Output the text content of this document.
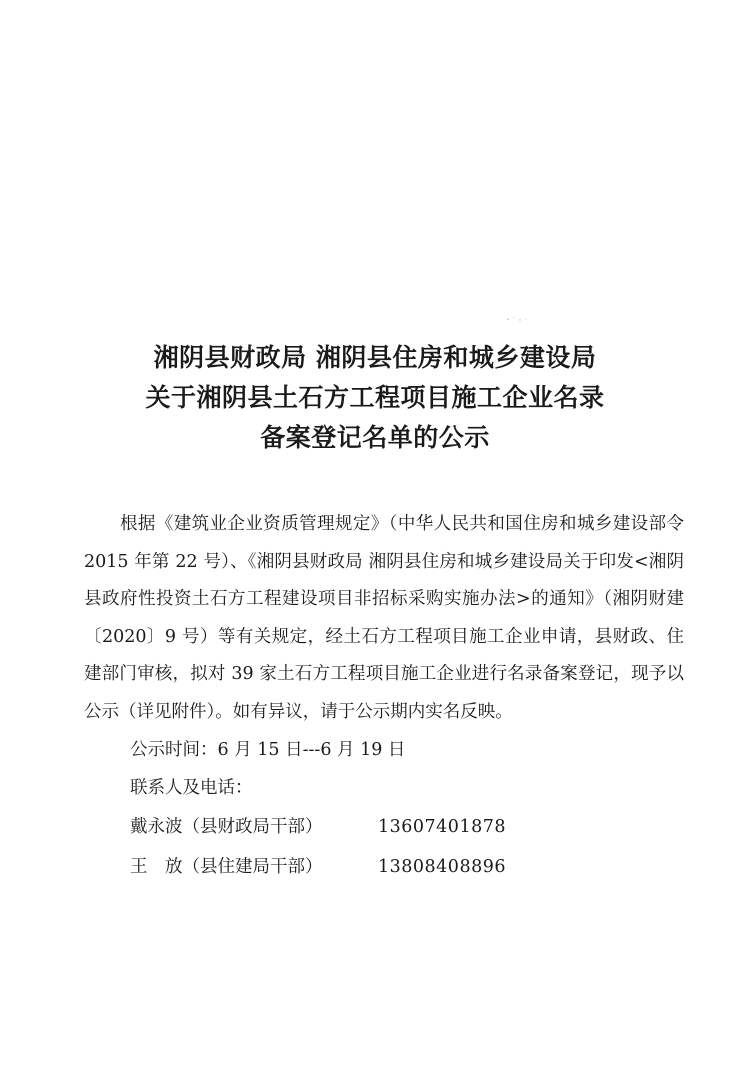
湘阴县财政局 湘阴县住房和城乡建设局
关于湘阴县土石方工程项目施工企业名录
备案登记名单的公示

根据《建筑业企业资质管理规定》（中华人民共和国住房和城乡建设部令 2015 年第 22 号）、《湘阴县财政局 湘阴县住房和城乡建设局关于印发<湘阴县政府性投资土石方工程建设项目非招标采购实施办法>的通知》（湘阴财建〔2020〕9 号）等有关规定，经土石方工程项目施工企业申请，县财政、住建部门审核，拟对 39 家土石方工程项目施工企业进行名录备案登记，现予以公示（详见附件）。如有异议，请于公示期内实名反映。

公示时间：6 月 15 日---6 月 19 日
联系人及电话：
戴永波（县财政局干部）	13607401878
王　放（县住建局干部）	13808408896
